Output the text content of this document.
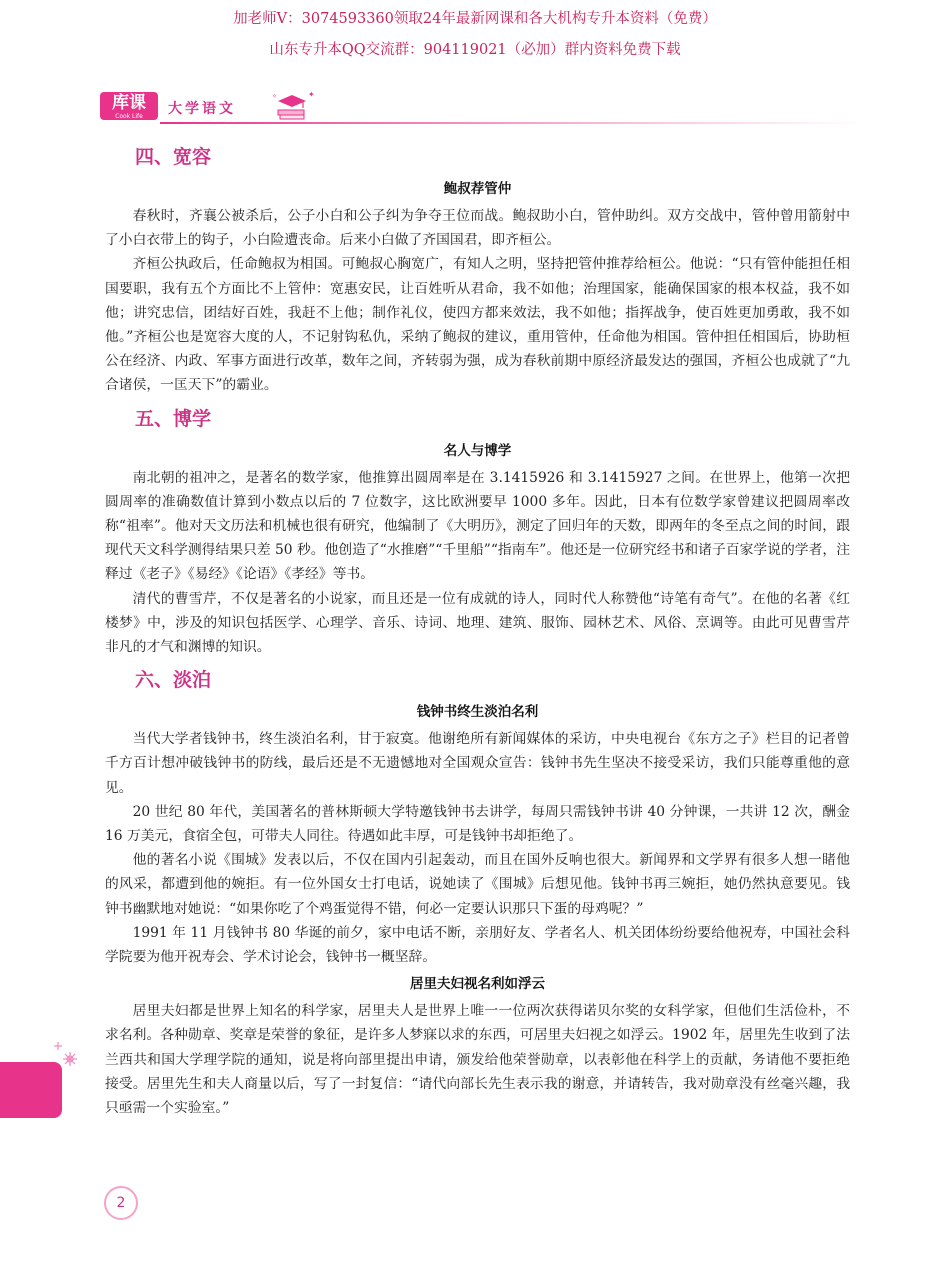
加老师V：3074593360领取24年最新网课和各大机构专升本资料（免费）
山东专升本QQ交流群：904119021（必加）群内资料免费下载
库课
Cook Life	大学语文
✦
✧
四、宽容
鲍叔荐管仲

春秋时，齐襄公被杀后，公子小白和公子纠为争夺王位而战。鲍叔助小白，管仲助纠。双方交战中，管仲曾用箭射中了小白衣带上的钩子，小白险遭丧命。后来小白做了齐国国君，即齐桓公。

齐桓公执政后，任命鲍叔为相国。可鲍叔心胸宽广，有知人之明，坚持把管仲推荐给桓公。他说：“只有管仲能担任相国要职，我有五个方面比不上管仲：宽惠安民，让百姓听从君命，我不如他；治理国家，能确保国家的根本权益，我不如他；讲究忠信，团结好百姓，我赶不上他；制作礼仪，使四方都来效法，我不如他；指挥战争，使百姓更加勇敢，我不如他。”齐桓公也是宽容大度的人，不记射钩私仇，采纳了鲍叔的建议，重用管仲，任命他为相国。管仲担任相国后，协助桓公在经济、内政、军事方面进行改革，数年之间，齐转弱为强，成为春秋前期中原经济最发达的强国，齐桓公也成就了“九合诸侯，一匡天下”的霸业。

五、博学
名人与博学

南北朝的祖冲之，是著名的数学家，他推算出圆周率是在 3.1415926 和 3.1415927 之间。在世界上，他第一次把圆周率的准确数值计算到小数点以后的 7 位数字，这比欧洲要早 1000 多年。因此，日本有位数学家曾建议把圆周率改称“祖率”。他对天文历法和机械也很有研究，他编制了《大明历》，测定了回归年的天数，即两年的冬至点之间的时间，跟现代天文科学测得结果只差 50 秒。他创造了“水推磨”“千里船”“指南车”。他还是一位研究经书和诸子百家学说的学者，注释过《老子》《易经》《论语》《孝经》等书。

清代的曹雪芹，不仅是著名的小说家，而且还是一位有成就的诗人，同时代人称赞他“诗笔有奇气”。在他的名著《红楼梦》中，涉及的知识包括医学、心理学、音乐、诗词、地理、建筑、服饰、园林艺术、风俗、烹调等。由此可见曹雪芹非凡的才气和渊博的知识。

六、淡泊
钱钟书终生淡泊名利

当代大学者钱钟书，终生淡泊名利，甘于寂寞。他谢绝所有新闻媒体的采访，中央电视台《东方之子》栏目的记者曾千方百计想冲破钱钟书的防线，最后还是不无遗憾地对全国观众宣告：钱钟书先生坚决不接受采访，我们只能尊重他的意见。

20 世纪 80 年代，美国著名的普林斯顿大学特邀钱钟书去讲学，每周只需钱钟书讲 40 分钟课，一共讲 12 次，酬金 16 万美元，食宿全包，可带夫人同往。待遇如此丰厚，可是钱钟书却拒绝了。

他的著名小说《围城》发表以后，不仅在国内引起轰动，而且在国外反响也很大。新闻界和文学界有很多人想一睹他的风采，都遭到他的婉拒。有一位外国女士打电话，说她读了《围城》后想见他。钱钟书再三婉拒，她仍然执意要见。钱钟书幽默地对她说：“如果你吃了个鸡蛋觉得不错，何必一定要认识那只下蛋的母鸡呢？”

1991 年 11 月钱钟书 80 华诞的前夕，家中电话不断，亲朋好友、学者名人、机关团体纷纷要给他祝寿，中国社会科学院要为他开祝寿会、学术讨论会，钱钟书一概坚辞。

居里夫妇视名利如浮云

居里夫妇都是世界上知名的科学家，居里夫人是世界上唯一一位两次获得诺贝尔奖的女科学家，但他们生活俭朴，不求名利。各种勋章、奖章是荣誉的象征，是许多人梦寐以求的东西，可居里夫妇视之如浮云。1902 年，居里先生收到了法兰西共和国大学理学院的通知，说是将向部里提出申请，颁发给他荣誉勋章，以表彰他在科学上的贡献，务请他不要拒绝接受。居里先生和夫人商量以后，写了一封复信：“请代向部长先生表示我的谢意，并请转告，我对勋章没有丝毫兴趣，我只亟需一个实验室。”

2
